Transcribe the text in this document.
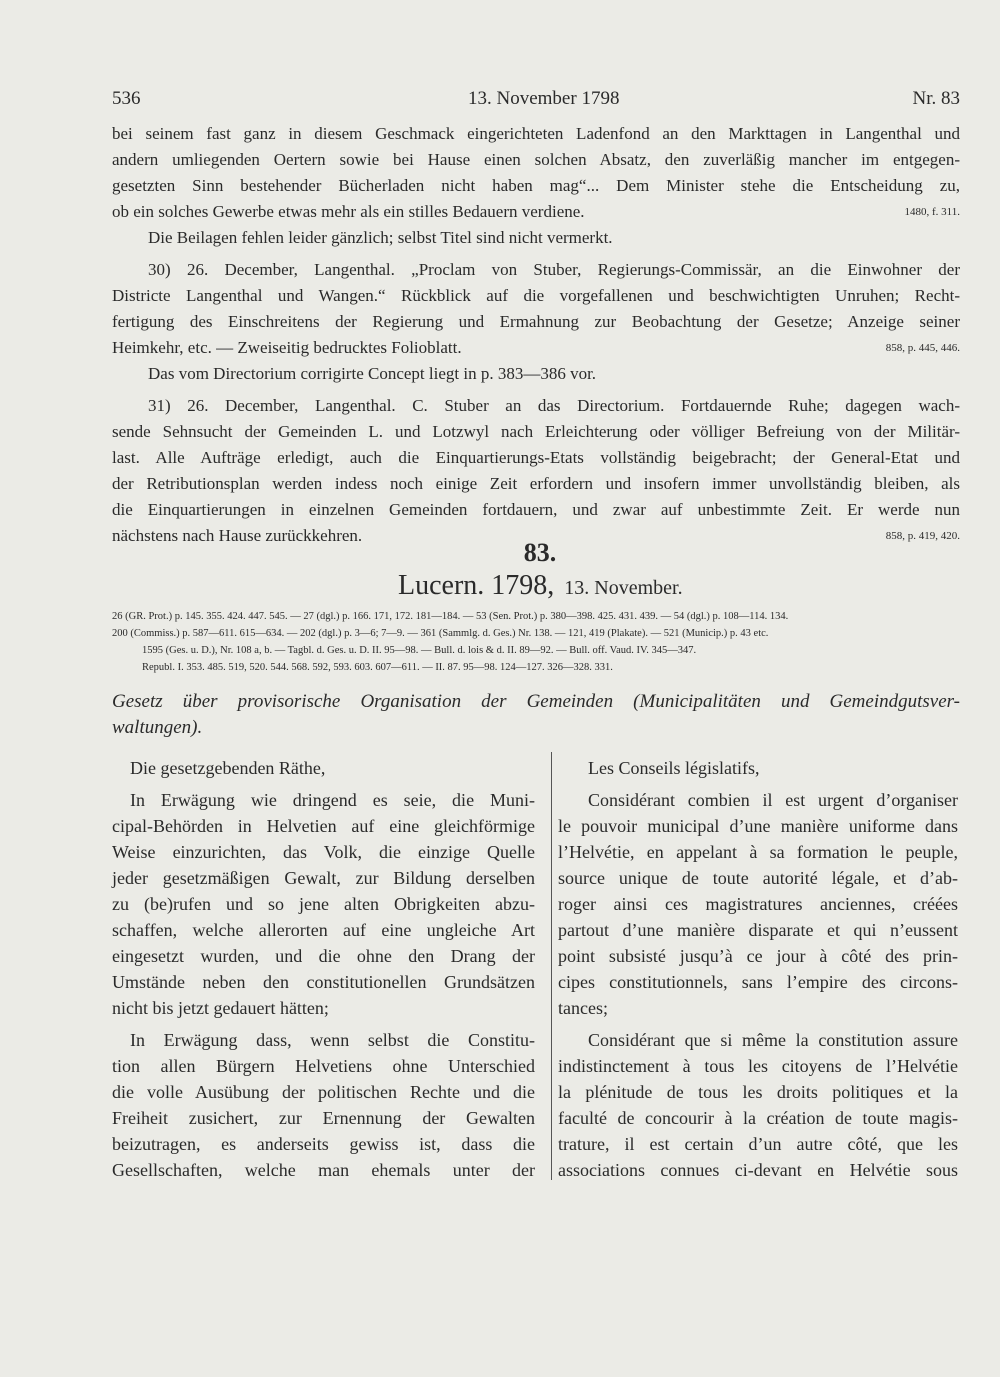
536	13. November 1798	Nr. 83
bei seinem fast ganz in diesem Geschmack eingerichteten Ladenfond an den Markttagen in Langenthal und
andern umliegenden Oertern sowie bei Hause einen solchen Absatz, den zuverläßig mancher im entgegen-
gesetzten Sinn bestehender Bücherladen nicht haben mag“... Dem Minister stehe die Entscheidung zu,
ob ein solches Gewerbe etwas mehr als ein stilles Bedauern verdiene.	1480, f. 311.
Die Beilagen fehlen leider gänzlich; selbst Titel sind nicht vermerkt.
30) 26. December, Langenthal. „Proclam von Stuber, Regierungs-Commissär, an die Einwohner der
Districte Langenthal und Wangen.“ Rückblick auf die vorgefallenen und beschwichtigten Unruhen; Recht-
fertigung des Einschreitens der Regierung und Ermahnung zur Beobachtung der Gesetze; Anzeige seiner
Heimkehr, etc. — Zweiseitig bedrucktes Folioblatt.	858, p. 445, 446.
Das vom Directorium corrigirte Concept liegt in p. 383—386 vor.
31) 26. December, Langenthal. C. Stuber an das Directorium. Fortdauernde Ruhe; dagegen wach-
sende Sehnsucht der Gemeinden L. und Lotzwyl nach Erleichterung oder völliger Befreiung von der Militär-
last. Alle Aufträge erledigt, auch die Einquartierungs-Etats vollständig beigebracht; der General-Etat und
der Retributionsplan werden indess noch einige Zeit erfordern und insofern immer unvollständig bleiben, als
die Einquartierungen in einzelnen Gemeinden fortdauern, und zwar auf unbestimmte Zeit. Er werde nun
nächstens nach Hause zurückkehren.	858, p. 419, 420.
83.
Lucern. 1798, 13. November.
26 (GR. Prot.) p. 145. 355. 424. 447. 545. — 27 (dgl.) p. 166. 171, 172. 181—184. — 53 (Sen. Prot.) p. 380—398. 425. 431. 439. — 54 (dgl.) p. 108—114. 134.
200 (Commiss.) p. 587—611. 615—634. — 202 (dgl.) p. 3—6; 7—9. — 361 (Sammlg. d. Ges.) Nr. 138. — 121, 419 (Plakate). — 521 (Municip.) p. 43 etc.
1595 (Ges. u. D.), Nr. 108 a, b. — Tagbl. d. Ges. u. D. II. 95—98. — Bull. d. lois & d. II. 89—92. — Bull. off. Vaud. IV. 345—347.
Republ. I. 353. 485. 519, 520. 544. 568. 592, 593. 603. 607—611. — II. 87. 95—98. 124—127. 326—328. 331.
Gesetz über provisorische Organisation der Gemeinden (Municipalitäten und Gemeindgutsver-
waltungen).
Die gesetzgebenden Räthe,
In Erwägung wie dringend es seie, die Muni-
cipal-Behörden in Helvetien auf eine gleichförmige
Weise einzurichten, das Volk, die einzige Quelle
jeder gesetzmäßigen Gewalt, zur Bildung derselben
zu (be)rufen und so jene alten Obrigkeiten abzu-
schaffen, welche allerorten auf eine ungleiche Art
eingesetzt wurden, und die ohne den Drang der
Umstände neben den constitutionellen Grundsätzen
nicht bis jetzt gedauert hätten;
In Erwägung dass, wenn selbst die Constitu-
tion allen Bürgern Helvetiens ohne Unterschied
die volle Ausübung der politischen Rechte und die
Freiheit zusichert, zur Ernennung der Gewalten
beizutragen, es anderseits gewiss ist, dass die
Gesellschaften, welche man ehemals unter der
Les Conseils législatifs,
Considérant combien il est urgent d’organiser
le pouvoir municipal d’une manière uniforme dans
l’Helvétie, en appelant à sa formation le peuple,
source unique de toute autorité légale, et d’ab-
roger ainsi ces magistratures anciennes, créées
partout d’une manière disparate et qui n’eussent
point subsisté jusqu’à ce jour à côté des prin-
cipes constitutionnels, sans l’empire des circons-
tances;
Considérant que si même la constitution assure
indistinctement à tous les citoyens de l’Helvétie
la plénitude de tous les droits politiques et la
faculté de concourir à la création de toute magis-
trature, il est certain d’un autre côté, que les
associations connues ci-devant en Helvétie sous
